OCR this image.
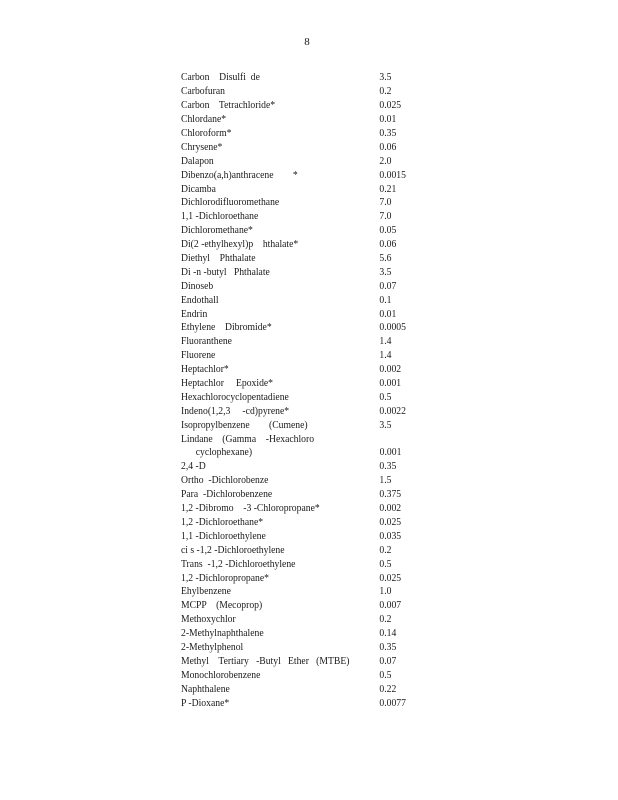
8
Carbon    Disulfi  de	3.5
Carbofuran	0.2
Carbon    Tetrachloride*	0.025
Chlordane*	0.01
Chloroform*	0.35
Chrysene*	0.06
Dalapon	2.0
Dibenzo(a,h)anthracene        *	0.0015
Dicamba	0.21
Dichlorodifluoromethane	7.0
1,1 -Dichloroethane	7.0
Dichloromethane*	0.05
Di(2 -ethylhexyl)p    hthalate*	0.06
Diethyl    Phthalate	5.6
Di -n -butyl   Phthalate	3.5
Dinoseb	0.07
Endothall	0.1
Endrin	0.01
Ethylene    Dibromide*	0.0005
Fluoranthene	1.4
Fluorene	1.4
Heptachlor*	0.002
Heptachlor     Epoxide*	0.001
Hexachlorocyclopentadiene	0.5
Indeno(1,2,3     -cd)pyrene*	0.0022
Isopropylbenzene        (Cumene)	3.5
Lindane    (Gamma    -Hexachloro
cyclophexane)	0.001
2,4 -D	0.35
Ortho  -Dichlorobenze	1.5
Para  -Dichlorobenzene	0.375
1,2 -Dibromo    -3 -Chloropropane*	0.002
1,2 -Dichloroethane*	0.025
1,1 -Dichloroethylene	0.035
ci s -1,2 -Dichloroethylene	0.2
Trans  -1,2 -Dichloroethylene	0.5
1,2 -Dichloropropane*	0.025
Ehylbenzene	1.0
MCPP    (Mecoprop)	0.007
Methoxychlor	0.2
2-Methylnaphthalene	0.14
2-Methylphenol	0.35
Methyl    Tertiary   -Butyl   Ether   (MTBE)	0.07
Monochlorobenzene	0.5
Naphthalene	0.22
P -Dioxane*	0.0077
